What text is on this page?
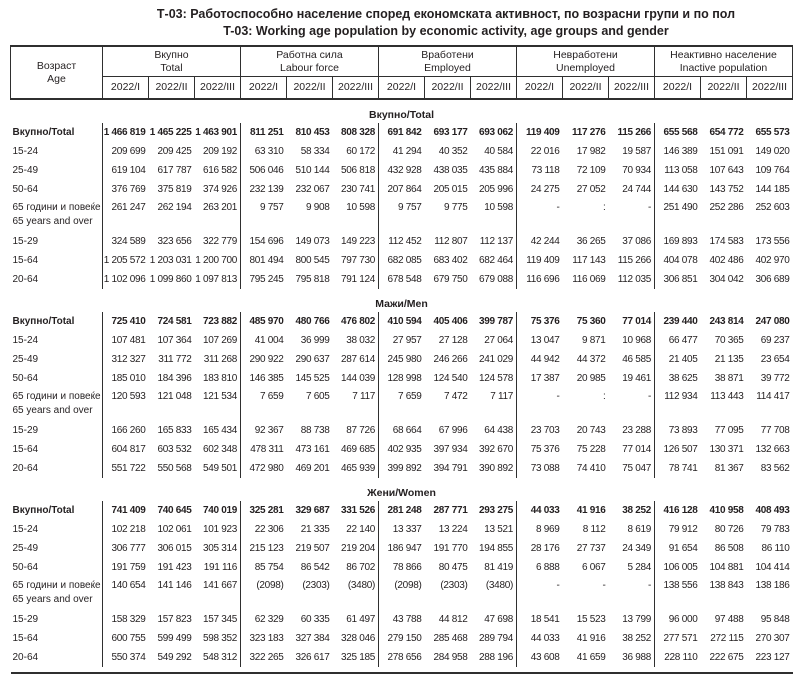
Т-03: Работоспособно население според економската активност, по возрасни групи и по пол
T-03: Working age population by economic activity, age groups and gender
Возраст
Age

Вкупно
Total

Работна сила
Labour force

Вработени
Employed

Невработени
Unemployed

Неактивно население
Inactive population

	2022/I	2022/II	2022/III	2022/I	2022/II	2022/III	2022/I	2022/II	2022/III	2022/I	2022/II	2022/III	2022/I	2022/II	2022/III
Вкупно/Total															

Вкупно/Total	1 466 819	1 465 225	1 463 901	811 251	810 453	808 328	691 842	693 177	693 062	119 409	117 276	115 266	655 568	654 772	655 573

15-24	209 699	209 425	209 192	63 310	58 334	60 172	41 294	40 352	40 584	22 016	17 982	19 587	146 389	151 091	149 020

25-49	619 104	617 787	616 582	506 046	510 144	506 818	432 928	438 035	435 884	73 118	72 109	70 934	113 058	107 643	109 764

50-64	376 769	375 819	374 926	232 139	232 067	230 741	207 864	205 015	205 996	24 275	27 052	24 744	144 630	143 752	144 185

65 години и повеќе
65 years and over	261 247	262 194	263 201	9 757	9 908	10 598	9 757	9 775	10 598	-	:	-	251 490	252 286	252 603

15-29	324 589	323 656	322 779	154 696	149 073	149 223	112 452	112 807	112 137	42 244	36 265	37 086	169 893	174 583	173 556

15-64	1 205 572	1 203 031	1 200 700	801 494	800 545	797 730	682 085	683 402	682 464	119 409	117 143	115 266	404 078	402 486	402 970

20-64	1 102 096	1 099 860	1 097 813	795 245	795 818	791 124	678 548	679 750	679 088	116 696	116 069	112 035	306 851	304 042	306 689
Мажи/Men															

Вкупно/Total	725 410	724 581	723 882	485 970	480 766	476 802	410 594	405 406	399 787	75 376	75 360	77 014	239 440	243 814	247 080

15-24	107 481	107 364	107 269	41 004	36 999	38 032	27 957	27 128	27 064	13 047	9 871	10 968	66 477	70 365	69 237

25-49	312 327	311 772	311 268	290 922	290 637	287 614	245 980	246 266	241 029	44 942	44 372	46 585	21 405	21 135	23 654

50-64	185 010	184 396	183 810	146 385	145 525	144 039	128 998	124 540	124 578	17 387	20 985	19 461	38 625	38 871	39 772

65 години и повеќе
65 years and over	120 593	121 048	121 534	7 659	7 605	7 117	7 659	7 472	7 117	-	:	-	112 934	113 443	114 417

15-29	166 260	165 833	165 434	92 367	88 738	87 726	68 664	67 996	64 438	23 703	20 743	23 288	73 893	77 095	77 708

15-64	604 817	603 532	602 348	478 311	473 161	469 685	402 935	397 934	392 670	75 376	75 228	77 014	126 507	130 371	132 663

20-64	551 722	550 568	549 501	472 980	469 201	465 939	399 892	394 791	390 892	73 088	74 410	75 047	78 741	81 367	83 562
Жени/Women															

Вкупно/Total	741 409	740 645	740 019	325 281	329 687	331 526	281 248	287 771	293 275	44 033	41 916	38 252	416 128	410 958	408 493

15-24	102 218	102 061	101 923	22 306	21 335	22 140	13 337	13 224	13 521	8 969	8 112	8 619	79 912	80 726	79 783

25-49	306 777	306 015	305 314	215 123	219 507	219 204	186 947	191 770	194 855	28 176	27 737	24 349	91 654	86 508	86 110

50-64	191 759	191 423	191 116	85 754	86 542	86 702	78 866	80 475	81 419	6 888	6 067	5 284	106 005	104 881	104 414

65 години и повеќе
65 years and over	140 654	141 146	141 667	(2098)	(2303)	(3480)	(2098)	(2303)	(3480)	-	-	-	138 556	138 843	138 186

15-29	158 329	157 823	157 345	62 329	60 335	61 497	43 788	44 812	47 698	18 541	15 523	13 799	96 000	97 488	95 848

15-64	600 755	599 499	598 352	323 183	327 384	328 046	279 150	285 468	289 794	44 033	41 916	38 252	277 571	272 115	270 307

20-64	550 374	549 292	548 312	322 265	326 617	325 185	278 656	284 958	288 196	43 608	41 659	36 988	228 110	222 675	223 127
